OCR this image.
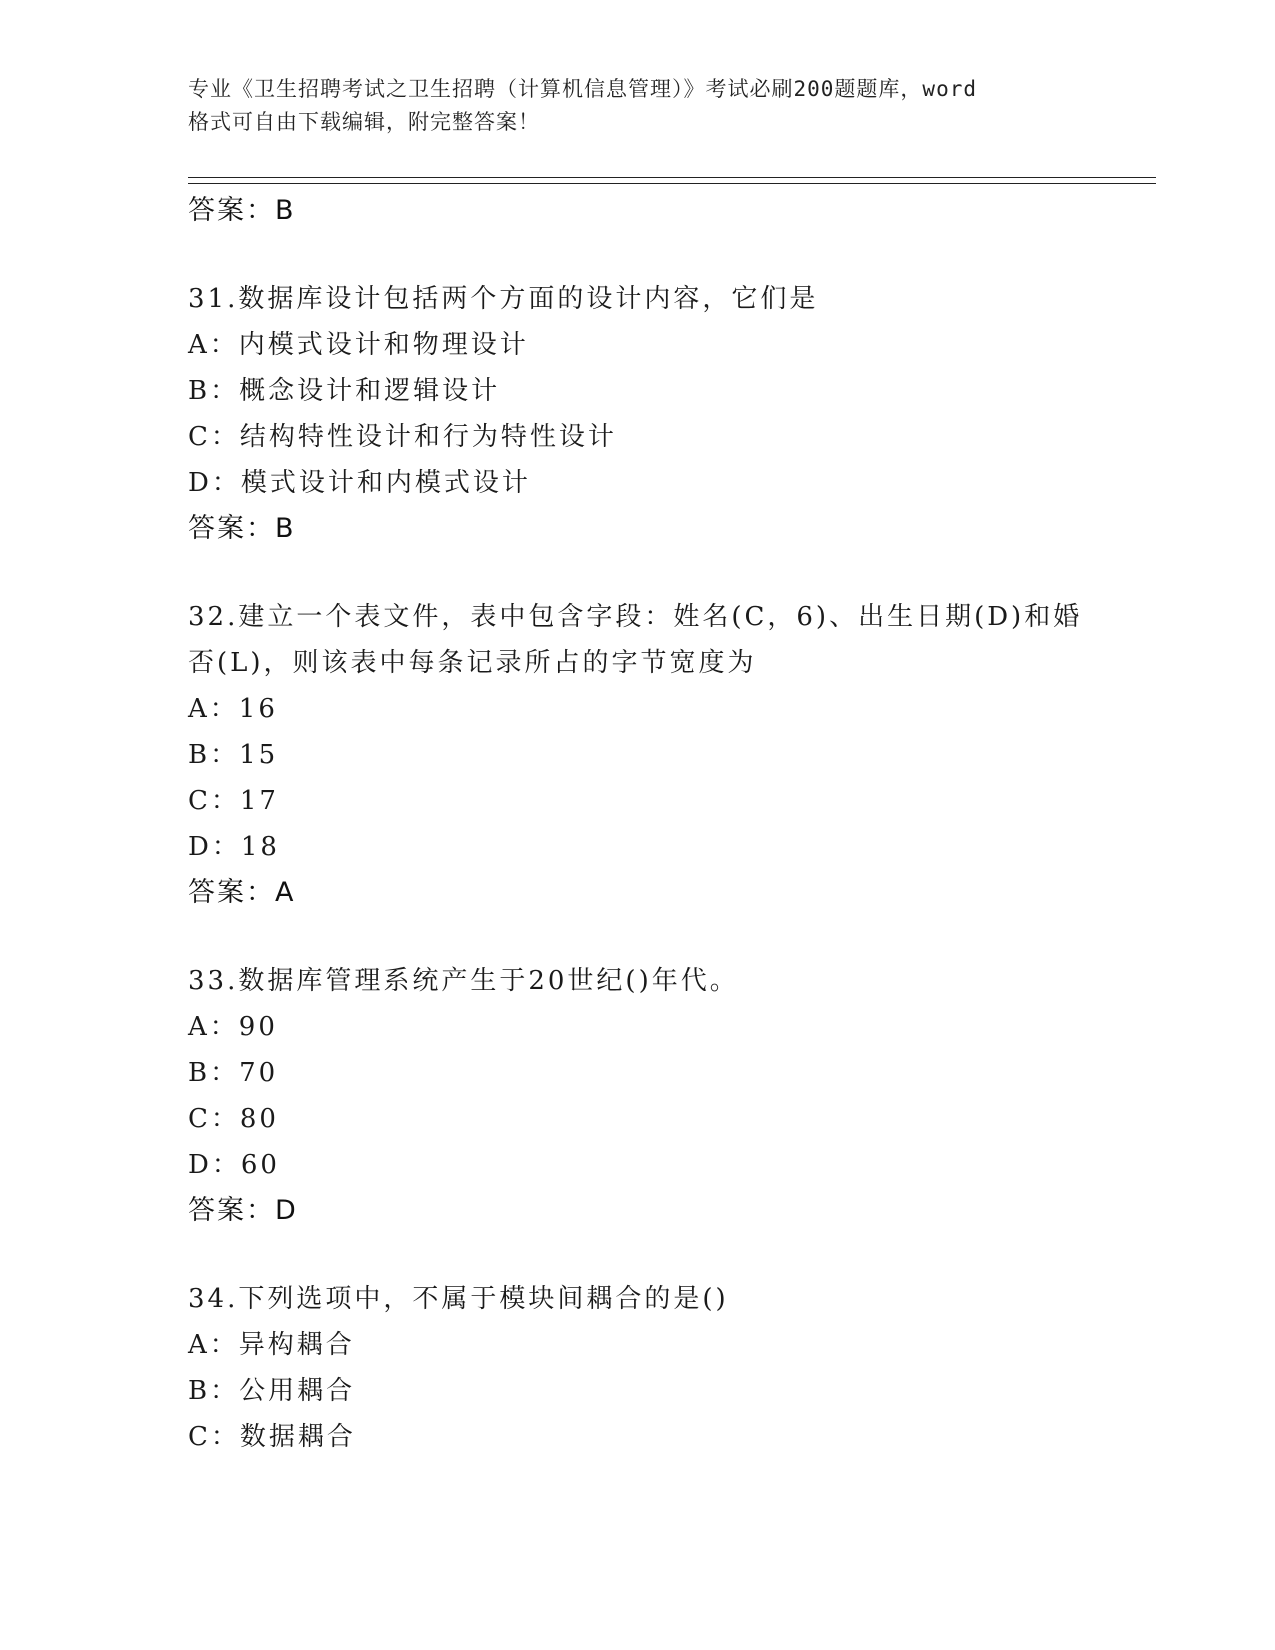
专业《卫生招聘考试之卫生招聘（计算机信息管理）》考试必刷200题题库，word
格式可自由下载编辑，附完整答案！
答案：B
31.数据库设计包括两个方面的设计内容，它们是
A：内模式设计和物理设计
B：概念设计和逻辑设计
C：结构特性设计和行为特性设计
D：模式设计和内模式设计
答案：B
32.建立一个表文件，表中包含字段：姓名(C，6)、出生日期(D)和婚
否(L)，则该表中每条记录所占的字节宽度为
A：16
B：15
C：17
D：18
答案：A
33.数据库管理系统产生于20世纪()年代。
A：90
B：70
C：80
D：60
答案：D
34.下列选项中，不属于模块间耦合的是()
A：异构耦合
B：公用耦合
C：数据耦合
